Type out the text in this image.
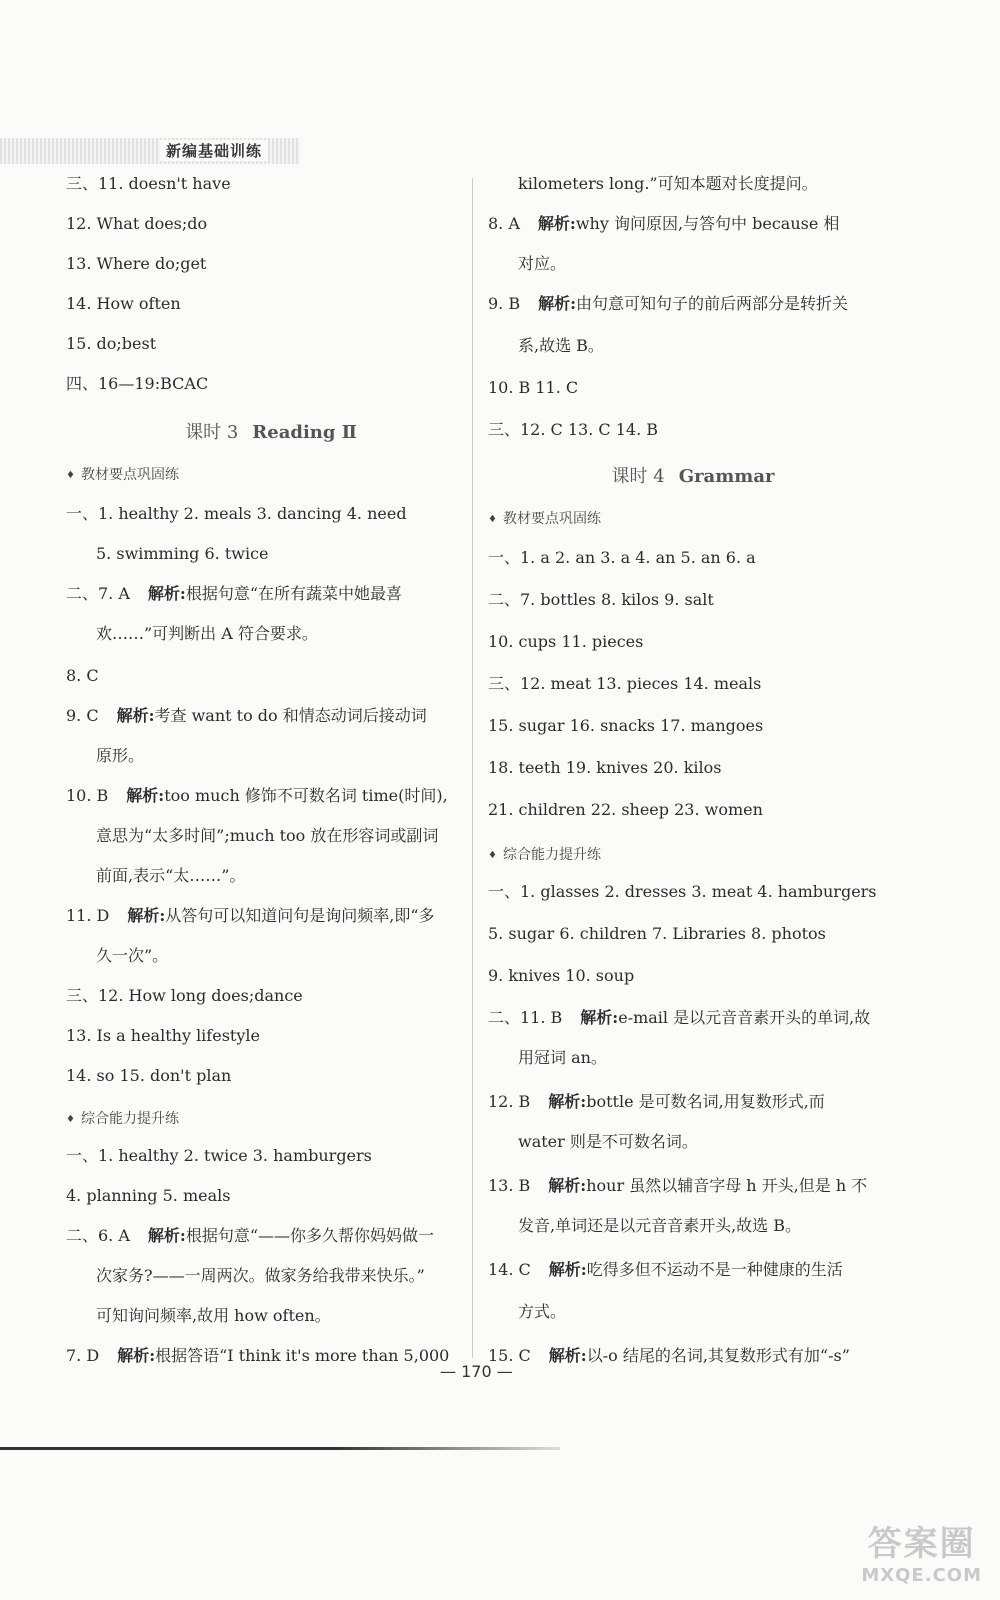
新编基础训练
三、11. doesn't have
12. What does;do
13. Where do;get
14. How often
15. do;best
四、16—19:BCAC
课时 3 Reading Ⅱ
♦ 教材要点巩固练
一、1. healthy 2. meals 3. dancing 4. need
5. swimming 6. twice
二、7. A 解析:根据句意“在所有蔬菜中她最喜
欢……”可判断出 A 符合要求。
8. C
9. C 解析:考查 want to do 和情态动词后接动词
原形。
10. B 解析:too much 修饰不可数名词 time(时间),
意思为“太多时间”;much too 放在形容词或副词
前面,表示“太……”。
11. D 解析:从答句可以知道问句是询问频率,即“多
久一次”。
三、12. How long does;dance
13. Is a healthy lifestyle
14. so 15. don't plan
♦ 综合能力提升练
一、1. healthy 2. twice 3. hamburgers
4. planning 5. meals
二、6. A 解析:根据句意“——你多久帮你妈妈做一
次家务?——一周两次。做家务给我带来快乐。”
可知询问频率,故用 how often。
7. D 解析:根据答语“I think it's more than 5,000
kilometers long.”可知本题对长度提问。
8. A 解析:why 询问原因,与答句中 because 相
对应。
9. B 解析:由句意可知句子的前后两部分是转折关
系,故选 B。
10. B 11. C
三、12. C 13. C 14. B
课时 4 Grammar
♦ 教材要点巩固练
一、1. a 2. an 3. a 4. an 5. an 6. a
二、7. bottles 8. kilos 9. salt
10. cups 11. pieces
三、12. meat 13. pieces 14. meals
15. sugar 16. snacks 17. mangoes
18. teeth 19. knives 20. kilos
21. children 22. sheep 23. women
♦ 综合能力提升练
一、1. glasses 2. dresses 3. meat 4. hamburgers
5. sugar 6. children 7. Libraries 8. photos
9. knives 10. soup
二、11. B 解析:e-mail 是以元音音素开头的单词,故
用冠词 an。
12. B 解析:bottle 是可数名词,用复数形式,而
water 则是不可数名词。
13. B 解析:hour 虽然以辅音字母 h 开头,但是 h 不
发音,单词还是以元音音素开头,故选 B。
14. C 解析:吃得多但不运动不是一种健康的生活
方式。
15. C 解析:以-o 结尾的名词,其复数形式有加“-s”
— 170 —
答案圈
MXQE.COM
